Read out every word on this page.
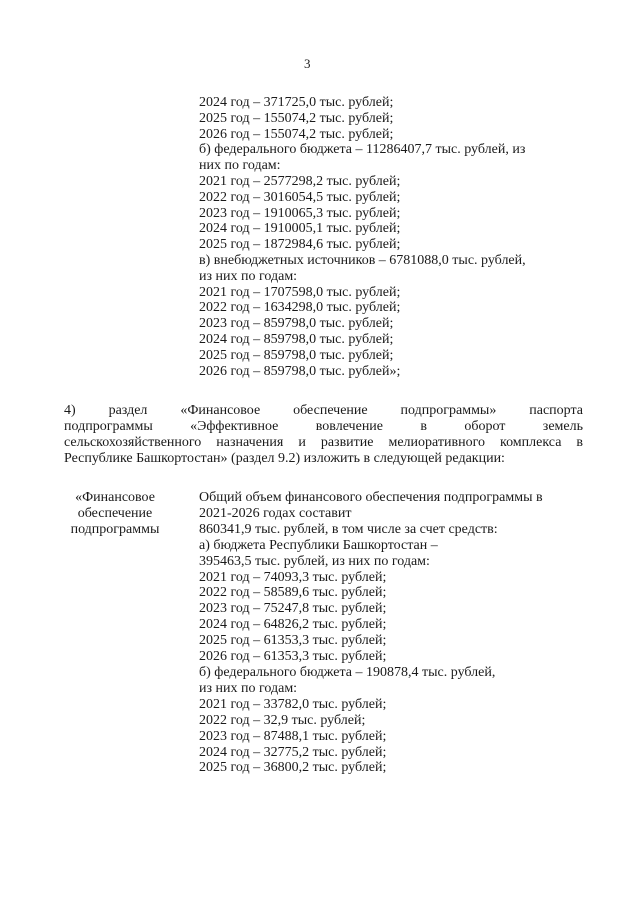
3
2024 год – 371725,0 тыс. рублей;
2025 год – 155074,2 тыс. рублей;
2026 год – 155074,2 тыс. рублей;
б) федерального бюджета – 11286407,7 тыс. рублей, из
них по годам:
2021 год – 2577298,2 тыс. рублей;
2022 год – 3016054,5 тыс. рублей;
2023 год – 1910065,3 тыс. рублей;
2024 год – 1910005,1 тыс. рублей;
2025 год – 1872984,6 тыс. рублей;
в) внебюджетных источников – 6781088,0 тыс. рублей,
из них по годам:
2021 год – 1707598,0 тыс. рублей;
2022 год – 1634298,0 тыс. рублей;
2023 год – 859798,0 тыс. рублей;
2024 год – 859798,0 тыс. рублей;
2025 год – 859798,0 тыс. рублей;
2026 год – 859798,0 тыс. рублей»;
4) раздел «Финансовое обеспечение подпрограммы» паспорта
подпрограммы «Эффективное вовлечение в оборот земель
сельскохозяйственного назначения и развитие мелиоративного комплекса в
Республике Башкортостан» (раздел 9.2) изложить в следующей редакции:
«Финансовое
обеспечение
подпрограммы
Общий объем финансового обеспечения подпрограммы в
2021-2026 годах составит
860341,9 тыс. рублей, в том числе за счет средств:
а) бюджета Республики Башкортостан –
395463,5 тыс. рублей, из них по годам:
2021 год – 74093,3 тыс. рублей;
2022 год – 58589,6 тыс. рублей;
2023 год – 75247,8 тыс. рублей;
2024 год – 64826,2 тыс. рублей;
2025 год – 61353,3 тыс. рублей;
2026 год – 61353,3 тыс. рублей;
б) федерального бюджета – 190878,4 тыс. рублей,
из них по годам:
2021 год – 33782,0 тыс. рублей;
2022 год – 32,9 тыс. рублей;
2023 год – 87488,1 тыс. рублей;
2024 год – 32775,2 тыс. рублей;
2025 год – 36800,2 тыс. рублей;
